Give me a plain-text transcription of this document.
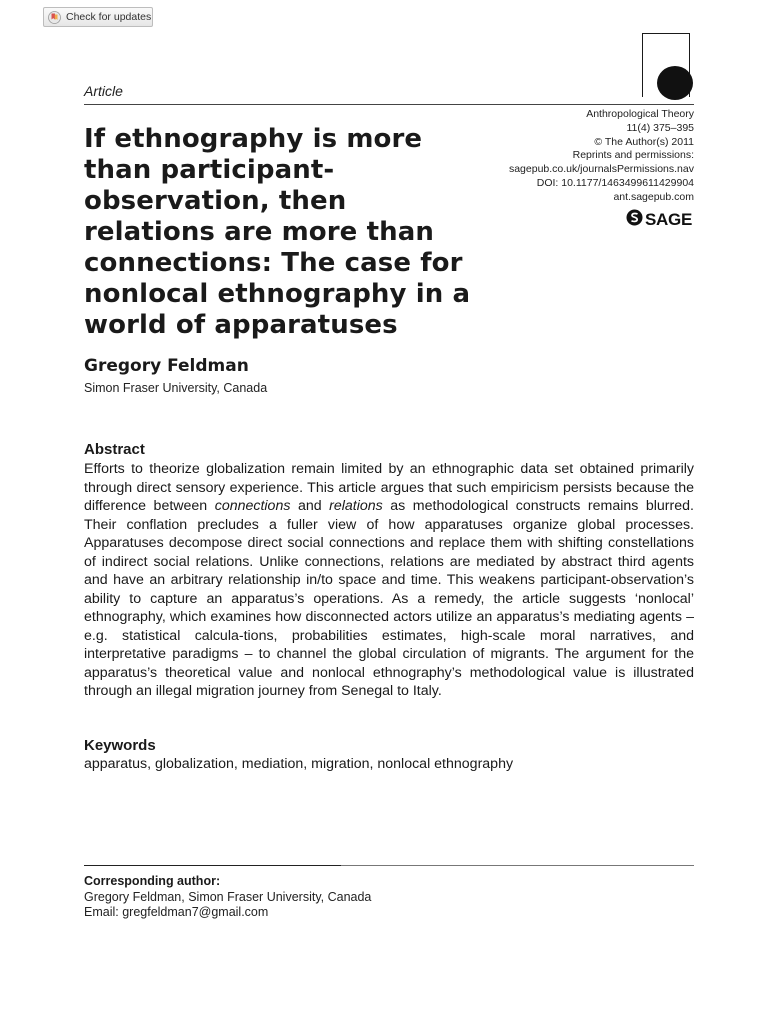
Check for updates
Article
Anthropological Theory
11(4) 375–395
© The Author(s) 2011
Reprints and permissions:
sagepub.co.uk/journalsPermissions.nav
DOI: 10.1177/1463499611429904
ant.sagepub.com
SAGE
If ethnography is more than participant-observation, then relations are more than connections: The case for nonlocal ethnography in a world of apparatuses
Gregory Feldman
Simon Fraser University, Canada
Abstract
Efforts to theorize globalization remain limited by an ethnographic data set obtained primarily through direct sensory experience. This article argues that such empiricism persists because the difference between connections and relations as methodological constructs remains blurred. Their conflation precludes a fuller view of how apparatuses organize global processes. Apparatuses decompose direct social connections and replace them with shifting constellations of indirect social relations. Unlike connections, relations are mediated by abstract third agents and have an arbitrary relationship in/to space and time. This weakens participant-observation’s ability to capture an apparatus’s operations. As a remedy, the article suggests ‘nonlocal’ ethnography, which examines how disconnected actors utilize an apparatus’s mediating agents – e.g. statistical calcula-tions, probabilities estimates, high-scale moral narratives, and interpretative paradigms – to channel the global circulation of migrants. The argument for the apparatus’s theoretical value and nonlocal ethnography’s methodological value is illustrated through an illegal migration journey from Senegal to Italy.
Keywords
apparatus, globalization, mediation, migration, nonlocal ethnography
Corresponding author:
Gregory Feldman, Simon Fraser University, Canada
Email: gregfeldman7@gmail.com
